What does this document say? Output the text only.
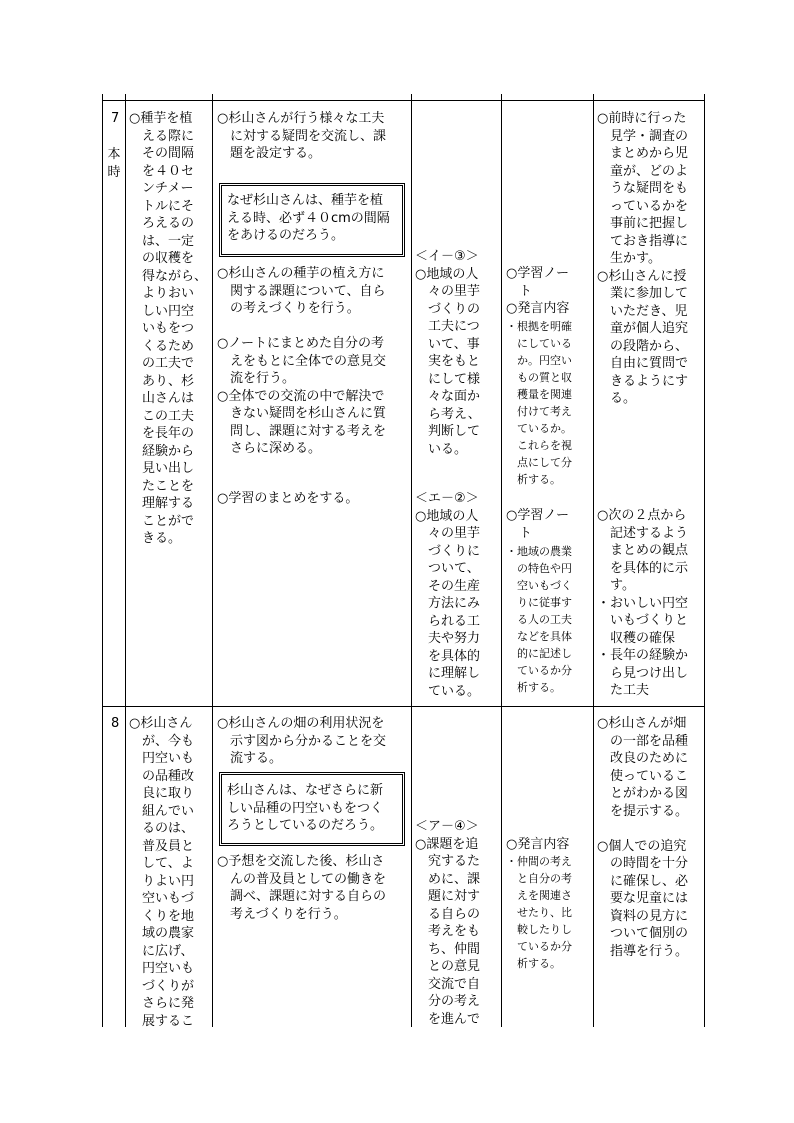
7
本
時
○種芋を植
　える際に
　その間隔
　を４０セ
　ンチメー
　トルにそ
　ろえるの
　は、一定
　の収穫を
　得ながら、
　よりおい
　しい円空
　いもをつ
　くるため
　の工夫で
　あり、杉
　山さんは
　この工夫
　を長年の
　経験から
　見い出し
　たことを
　理解する
　ことがで
　きる。
○杉山さんが行う様々な工夫
　に対する疑問を交流し、課
　題を設定する。
なぜ杉山さんは、種芋を植
える時、必ず４０cmの間隔
をあけるのだろう。
○杉山さんの種芋の植え方に
　関する課題について、自ら
　の考えづくりを行う。
○ノートにまとめた自分の考
　えをもとに全体での意見交
　流を行う。
○全体での交流の中で解決で
　きない疑問を杉山さんに質
　問し、課題に対する考えを
　さらに深める。
○学習のまとめをする。
＜イ－③＞
○地域の人
　々の里芋
　づくりの
　工夫につ
　いて、事
　実をもと
　にして様
　々な面か
　ら考え、
　判断して
　いる。
＜エ－②＞
○地域の人
　々の里芋
　づくりに
　ついて、
　その生産
　方法にみ
　られる工
　夫や努力
　を具体的
　に理解し
　ている。
○学習ノー
　ト
○発言内容
・根拠を明確
　にしている
　か。円空い
　もの質と収
　穫量を関連
　付けて考え
　ているか。
　これらを視
　点にして分
　析する。
○学習ノー
　ト
・地域の農業
　の特色や円
　空いもづく
　りに従事す
　る人の工夫
　などを具体
　的に記述し
　ているか分
　析する。
○前時に行った
　見学・調査の
　まとめから児
　童が、どのよ
　うな疑問をも
　っているかを
　事前に把握し
　ておき指導に
　生かす。
○杉山さんに授
　業に参加して
　いただき、児
　童が個人追究
　の段階から、
　自由に質問で
　きるようにす
　る。
○次の２点から
　記述するよう
　まとめの観点
　を具体的に示
　す。
・おいしい円空
　いもづくりと
　収穫の確保
・長年の経験か
　ら見つけ出し
　た工夫
8 ○杉山さん
　が、今も
　円空いも
　の品種改
　良に取り
　組んでい
　るのは、
　普及員と
　して、よ
　りよい円
　空いもづ
　くりを地
　域の農家
　に広げ、
　円空いも
　づくりが
　さらに発
　展するこ
○杉山さんの畑の利用状況を
　示す図から分かることを交
　流する。
杉山さんは、なぜさらに新
しい品種の円空いもをつく
ろうとしているのだろう。
○予想を交流した後、杉山さ
　んの普及員としての働きを
　調べ、課題に対する自らの
　考えづくりを行う。
＜ア－④＞
○課題を追
　究するた
　めに、課
　題に対す
　る自らの
　考えをも
　ち、仲間
　との意見
　交流で自
　分の考え
　を進んで
○発言内容
・仲間の考え
　と自分の考
　えを関連さ
　せたり、比
　較したりし
　ているか分
　析する。
○杉山さんが畑
　の一部を品種
　改良のために
　使っているこ
　とがわかる図
　を提示する。

○個人での追究
　の時間を十分
　に確保し、必
　要な児童には
　資料の見方に
　ついて個別の
　指導を行う。
